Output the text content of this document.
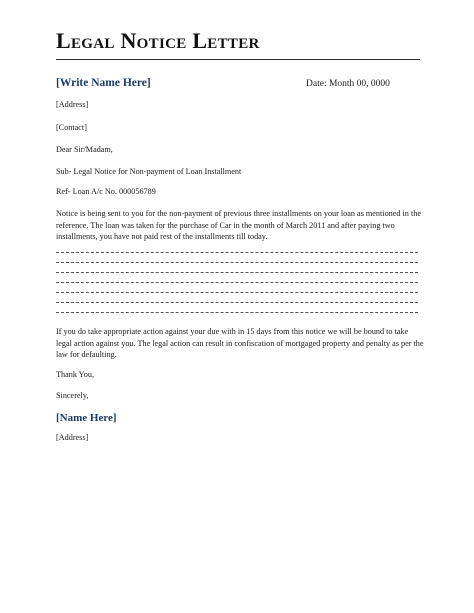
Legal Notice Letter
[Write Name Here]	Date: Month 00, 0000
[Address]
[Contact]
Dear Sir/Madam,
Sub- Legal Notice for Non-payment of Loan Installment
Ref- Loan A/c No. 000056789
Notice is being sent to you for the non-payment of previous three installments on your loan as mentioned in the reference. The loan was taken for the purchase of Car in the month of March 2011 and after paying two installments, you have not paid rest of the installments till today.
If you do take appropriate action against your due with in 15 days from this notice we will be bound to take legal action against you. The legal action can result in confiscation of mortgaged property and penalty as per the law for defaulting.
Thank You,
Sincerely,
[Name Here]
[Address]
